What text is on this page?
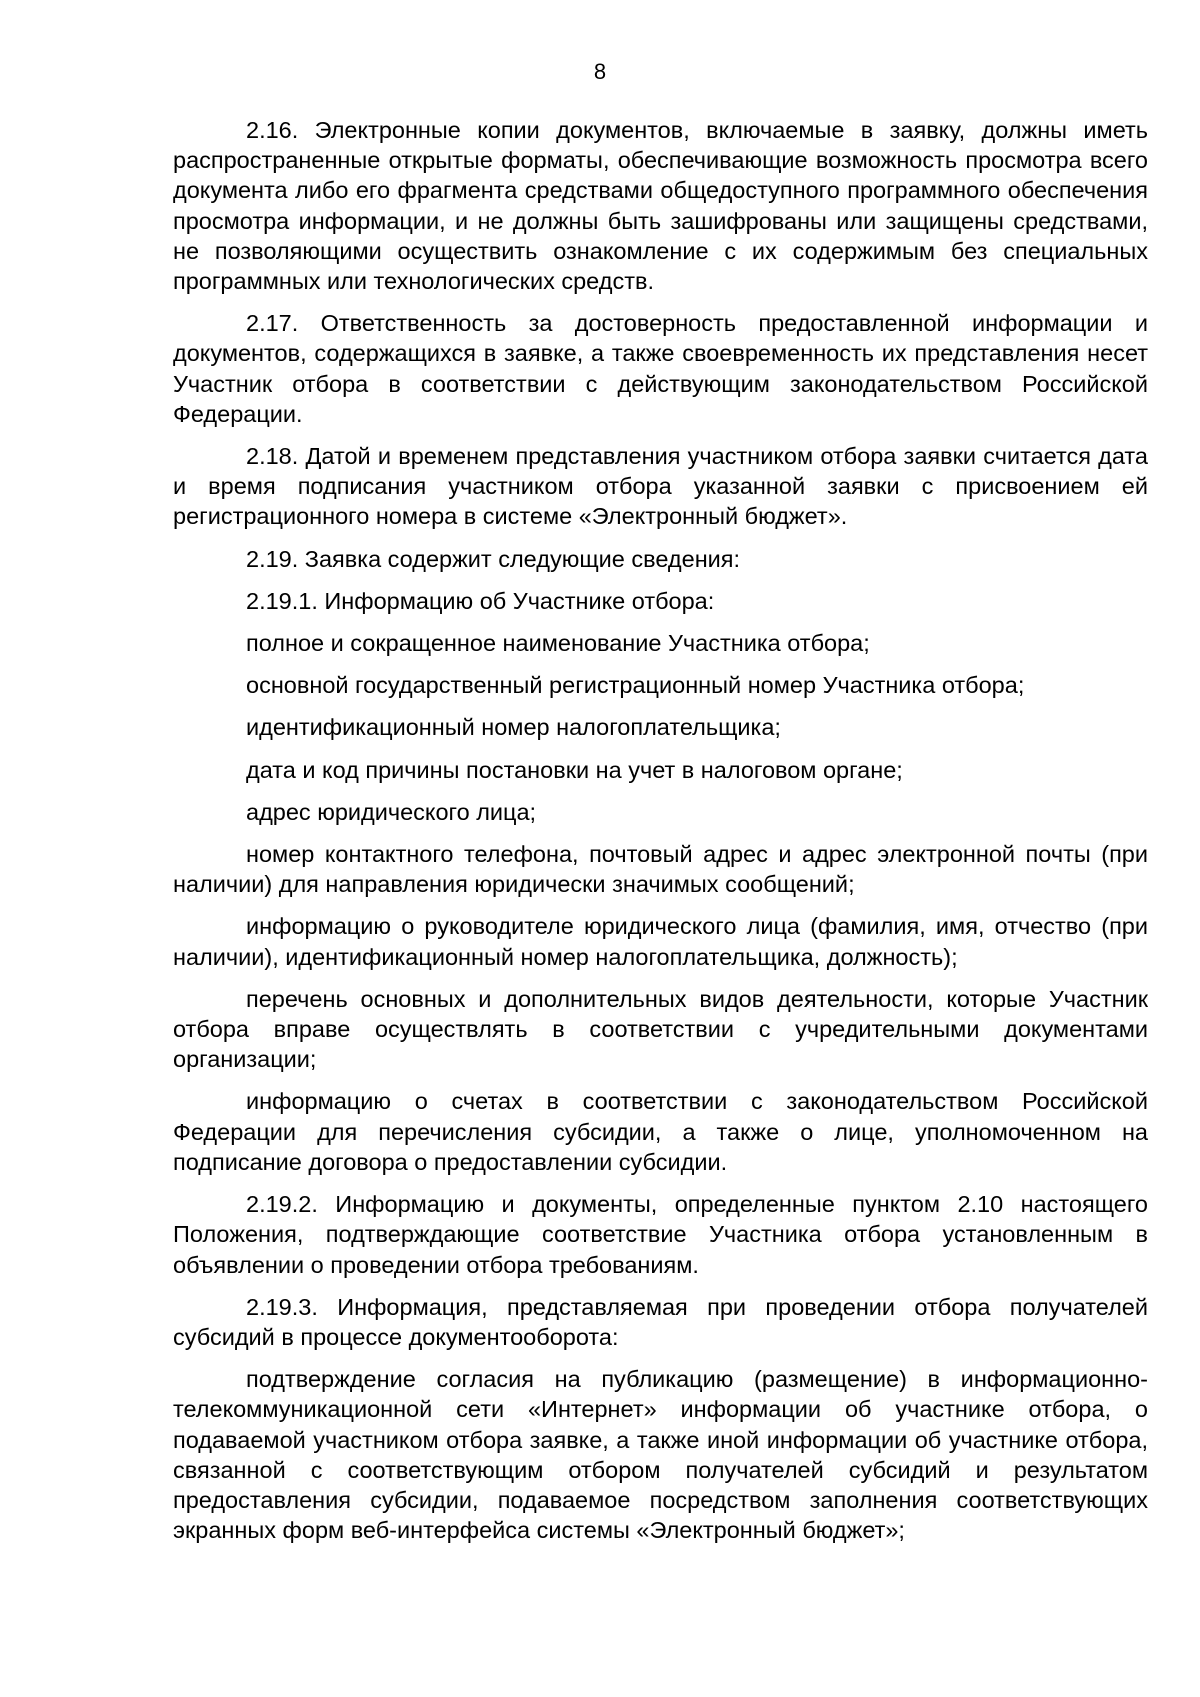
8

2.16. Электронные копии документов, включаемые в заявку, должны иметь распространенные открытые форматы, обеспечивающие возможность просмотра всего документа либо его фрагмента средствами общедоступного программного обеспечения просмотра информации, и не должны быть зашифрованы или защищены средствами, не позволяющими осуществить ознакомление с их содержимым без специальных программных или технологических средств.

2.17. Ответственность за достоверность предоставленной информации и документов, содержащихся в заявке, а также своевременность их представления несет Участник отбора в соответствии с действующим законодательством Российской Федерации.

2.18. Датой и временем представления участником отбора заявки считается дата и время подписания участником отбора указанной заявки с присвоением ей регистрационного номера в системе «Электронный бюджет».

2.19. Заявка содержит следующие сведения:

2.19.1. Информацию об Участнике отбора:

полное и сокращенное наименование Участника отбора;

основной государственный регистрационный номер Участника отбора;

идентификационный номер налогоплательщика;

дата и код причины постановки на учет в налоговом органе;

адрес юридического лица;

номер контактного телефона, почтовый адрес и адрес электронной почты (при наличии) для направления юридически значимых сообщений;

информацию о руководителе юридического лица (фамилия, имя, отчество (при наличии), идентификационный номер налогоплательщика, должность);

перечень основных и дополнительных видов деятельности, которые Участник отбора вправе осуществлять в соответствии с учредительными документами организации;

информацию о счетах в соответствии с законодательством Российской Федерации для перечисления субсидии, а также о лице, уполномоченном на подписание договора о предоставлении субсидии.

2.19.2. Информацию и документы, определенные пунктом 2.10 настоящего Положения, подтверждающие соответствие Участника отбора установленным в объявлении о проведении отбора требованиям.

2.19.3. Информация, представляемая при проведении отбора получателей субсидий в процессе документооборота:

подтверждение согласия на публикацию (размещение) в информационно-телекоммуникационной сети «Интернет» информации об участнике отбора, о подаваемой участником отбора заявке, а также иной информации об участнике отбора, связанной с соответствующим отбором получателей субсидий и результатом предоставления субсидии, подаваемое посредством заполнения соответствующих экранных форм веб-интерфейса системы «Электронный бюджет»;
